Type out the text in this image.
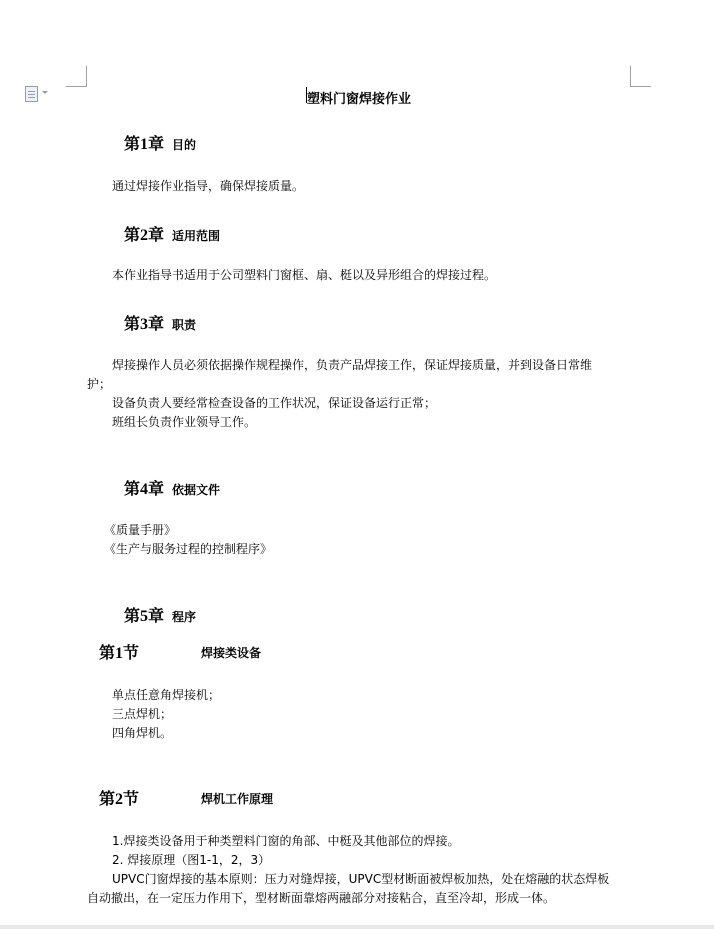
塑料门窗焊接作业
第1章 目的
通过焊接作业指导，确保焊接质量。
第2章 适用范围
本作业指导书适用于公司塑料门窗框、扇、梃以及异形组合的焊接过程。
第3章 职责
焊接操作人员必须依据操作规程操作，负责产品焊接工作，保证焊接质量，并到设备日常维
护；
设备负责人要经常检查设备的工作状况，保证设备运行正常；
班组长负责作业领导工作。
第4章 依据文件
《质量手册》
《生产与服务过程的控制程序》
第5章 程序
第1节	焊接类设备
单点任意角焊接机；
三点焊机；
四角焊机。
第2节	焊机工作原理
1.焊接类设备用于种类塑料门窗的角部、中梃及其他部位的焊接。
2. 焊接原理（图1-1，2，3）
UPVC门窗焊接的基本原则：压力对缝焊接，UPVC型材断面被焊板加热，处在熔融的状态焊板
自动撤出，在一定压力作用下，型材断面靠熔两融部分对接粘合，直至冷却，形成一体。
